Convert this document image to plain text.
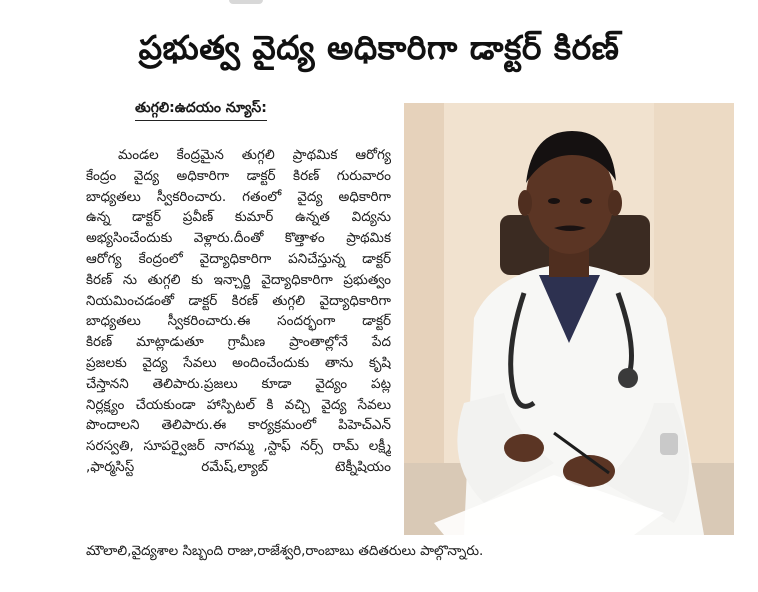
ప్రభుత్వ వైద్య అధికారిగా డాక్టర్ కిరణ్
తుగ్గలి:ఉదయం న్యూస్:
మండల కేంద్రమైన తుగ్గలి ప్రాథమిక ఆరోగ్య
కేంద్రం వైద్య అధికారిగా డాక్టర్ కిరణ్ గురువారం
బాధ్యతలు స్వీకరించారు. గతంలో వైద్య అధికారిగా
ఉన్న డాక్టర్ ప్రవీణ్ కుమార్ ఉన్నత విద్యను
అభ్యసించేందుకు వెళ్లారు.దీంతో కొత్తాళం ప్రాథమిక
ఆరోగ్య కేంద్రంలో వైద్యాధికారిగా పనిచేస్తున్న డాక్టర్
కిరణ్ ను తుగ్గలి కు ఇన్చార్జి వైద్యాధికారిగా ప్రభుత్వం
నియమించడంతో డాక్టర్ కిరణ్ తుగ్గలి వైద్యాధికారిగా
బాధ్యతలు స్వీకరించారు.ఈ సందర్భంగా డాక్టర్
కిరణ్ మాట్లాడుతూ గ్రామీణ ప్రాంతాల్లోనే పేద
ప్రజలకు వైద్య సేవలు అందించేందుకు తాను కృషి
చేస్తానని తెలిపారు.ప్రజలు కూడా వైద్యం పట్ల
నిర్లక్ష్యం చేయకుండా హాస్పిటల్ కి వచ్చి వైద్య సేవలు
పొందాలని తెలిపారు.ఈ కార్యక్రమంలో పిహెచ్ఎన్
సరస్వతి, సూపర్వైజర్ నాగమ్మ ,స్టాఫ్ నర్స్ రామ్ లక్ష్మీ
,ఫార్మసిస్ట్ రమేష్,ల్యాబ్ టెక్నీషియం
మౌలాలి,వైద్యశాల సిబ్బంది రాజు,రాజేశ్వరి,రాంబాబు తదితరులు పాల్గొన్నారు.
